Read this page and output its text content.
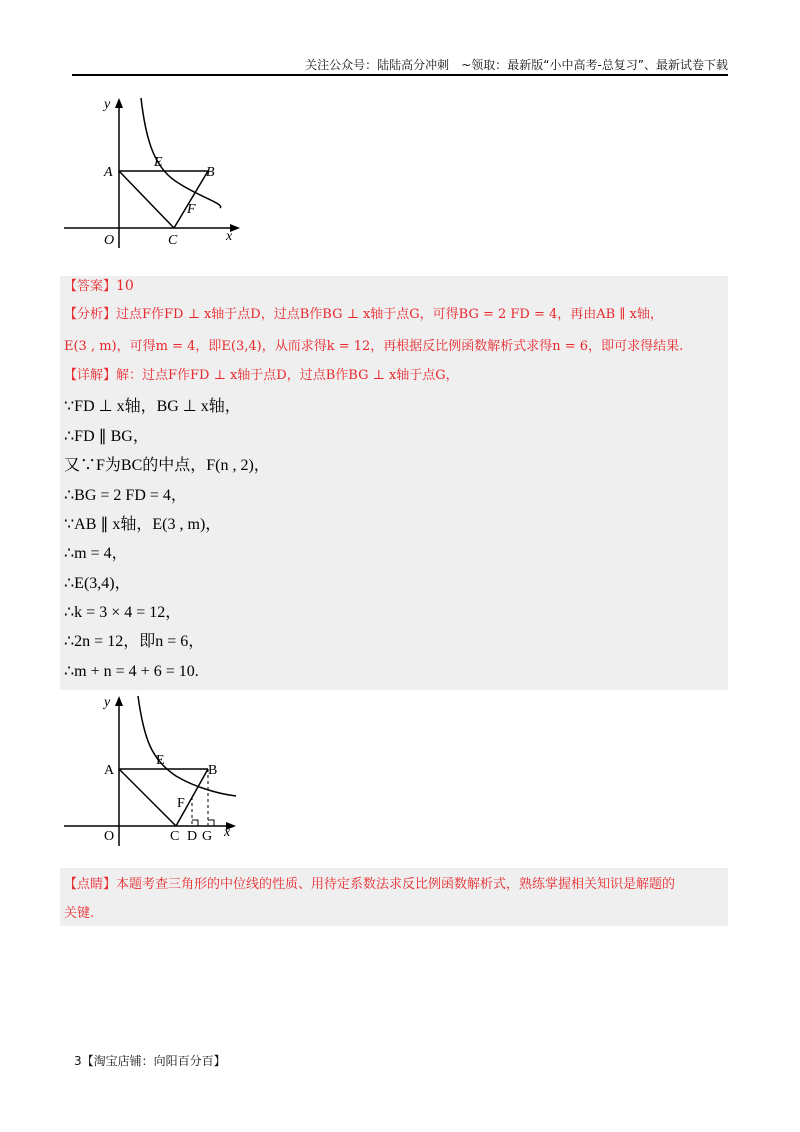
关注公众号：陆陆高分冲刺　~领取：最新版“小中高考-总复习”、最新试卷下载
y
A
E
B
F
O	C	x
【答案】10
【分析】过点F作FD ⊥ x轴于点D，过点B作BG ⊥ x轴于点G，可得BG = 2 FD = 4，再由AB ∥ x轴，
E(3 , m)，可得m = 4，即E(3,4)，从而求得k = 12，再根据反比例函数解析式求得n = 6，即可求得结果.
【详解】解：过点F作FD ⊥ x轴于点D，过点B作BG ⊥ x轴于点G，
∵FD ⊥ x轴，BG ⊥ x轴，
∴FD ∥ BG，
又∵F为BC的中点，F(n , 2)，
∴BG = 2 FD = 4，
∵AB ∥ x轴，E(3 , m)，
∴m = 4，
∴E(3,4)，
∴k = 3 × 4 = 12，
∴2n = 12，即n = 6，
∴m + n = 4 + 6 = 10.
y
A
E
B
F
O	C D G x
【点睛】本题考查三角形的中位线的性质、用待定系数法求反比例函数解析式，熟练掌握相关知识是解题的
关键.
3【淘宝店铺：向阳百分百】
